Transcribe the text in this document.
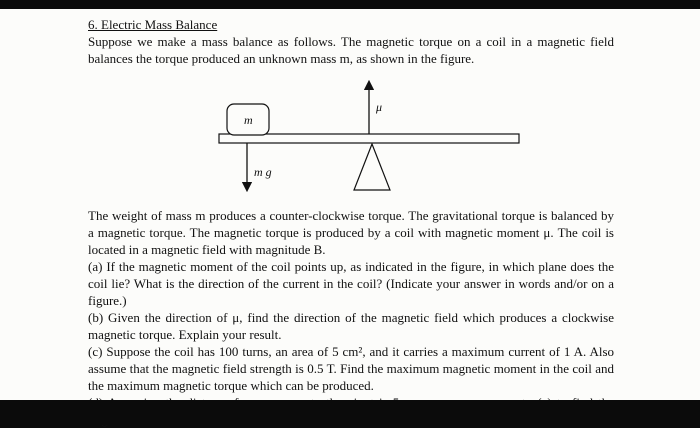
6. Electric Mass Balance

Suppose we make a mass balance as follows. The magnetic torque on a coil in a magnetic field balances the torque produced an unknown mass m, as shown in the figure.

μ
m
m g

The weight of mass m produces a counter-clockwise torque. The gravitational torque is balanced by a magnetic torque. The magnetic torque is produced by a coil with magnetic moment μ. The coil is located in a magnetic field with magnitude B.

(a) If the magnetic moment of the coil points up, as indicated in the figure, in which plane does the coil lie? What is the direction of the current in the coil? (Indicate your answer in words and/or on a figure.)

(b) Given the direction of μ, find the direction of the magnetic field which produces a clockwise magnetic torque. Explain your result.

(c) Suppose the coil has 100 turns, an area of 5 cm², and it carries a maximum current of 1 A. Also assume that the magnetic field strength is 0.5 T. Find the maximum magnetic moment in the coil and the maximum magnetic torque which can be produced.
